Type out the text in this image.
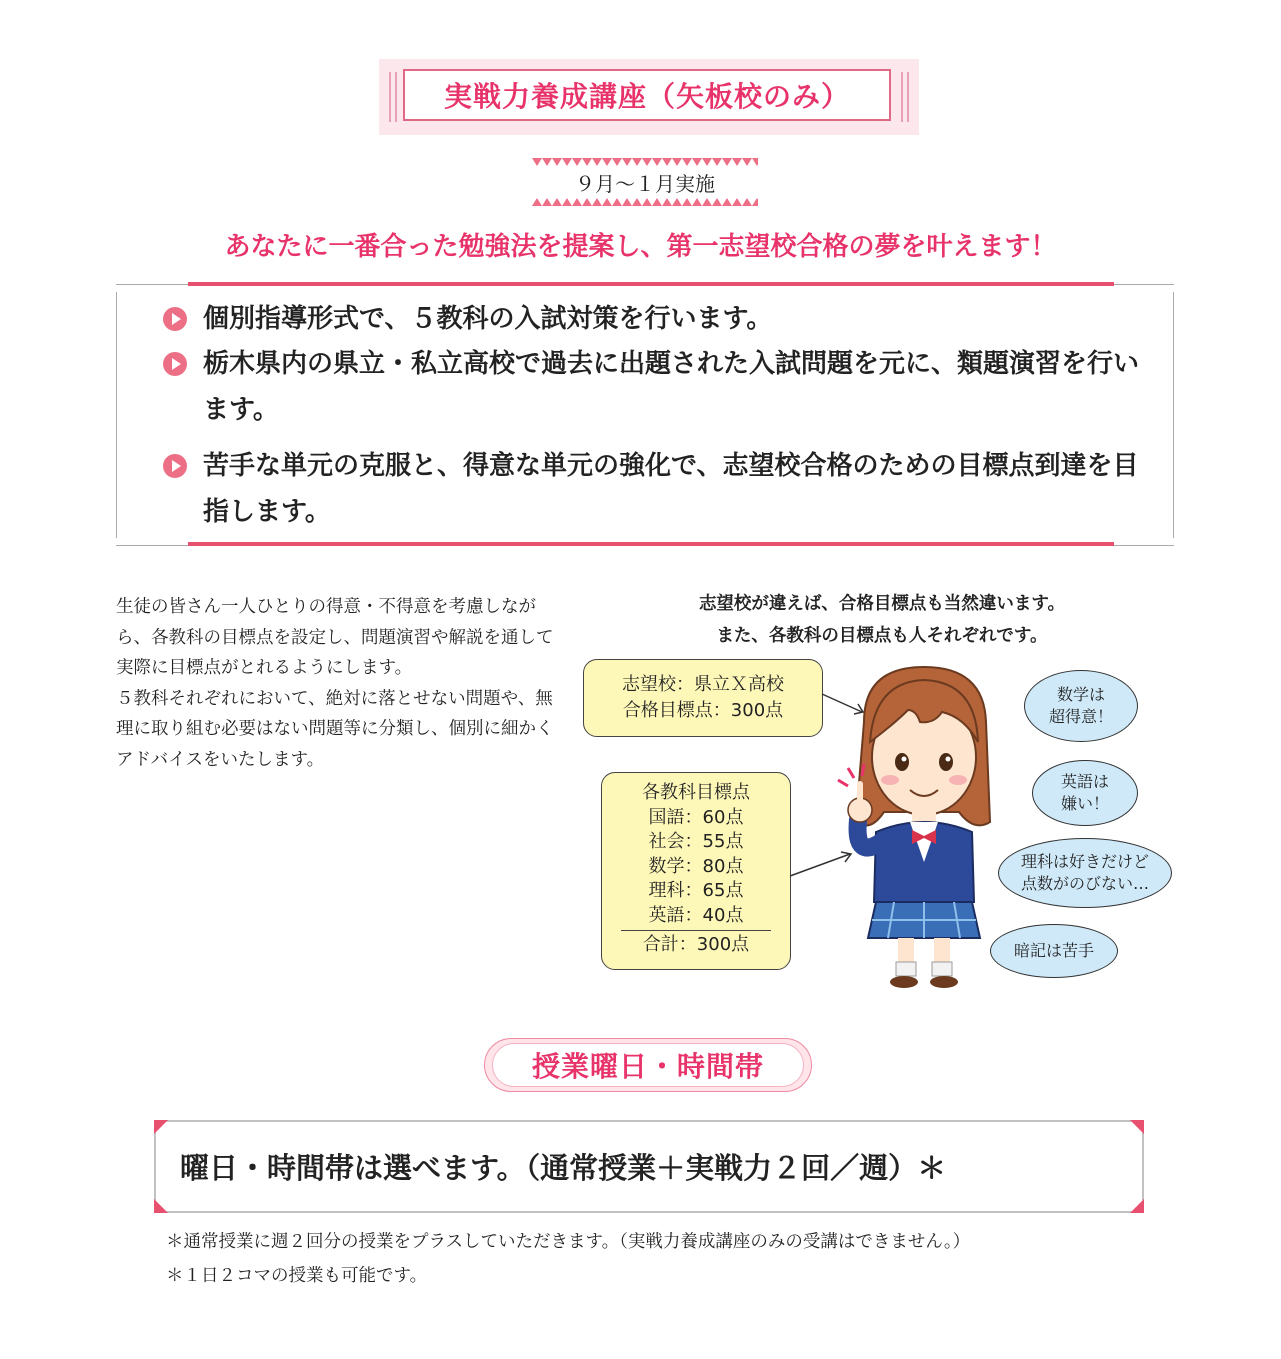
実戦力養成講座（矢板校のみ）
９月～１月実施
あなたに一番合った勉強法を提案し、第一志望校合格の夢を叶えます！
個別指導形式で、５教科の入試対策を行います。
栃木県内の県立・私立高校で過去に出題された入試問題を元に、類題演習を行います。
苦手な単元の克服と、得意な単元の強化で、志望校合格のための目標点到達を目指します。

生徒の皆さん一人ひとりの得意・不得意を考慮しながら、各教科の目標点を設定し、問題演習や解説を通して実際に目標点がとれるようにします。

５教科それぞれにおいて、絶対に落とせない問題や、無理に取り組む必要はない問題等に分類し、個別に細かくアドバイスをいたします。

志望校が違えば、合格目標点も当然違います。
また、各教科の目標点も人それぞれです。
志望校：県立Ｘ高校
合格目標点：300点
各教科目標点
国語：60点
社会：55点
数学：80点
理科：65点
英語：40点
合計：300点
数学は
超得意！
英語は
嫌い！
理科は好きだけど
点数がのびない…
暗記は苦手
授業曜日・時間帯
曜日・時間帯は選べます。（通常授業＋実戦力２回／週）＊
＊通常授業に週２回分の授業をプラスしていただきます。（実戦力養成講座のみの受講はできません。）
＊１日２コマの授業も可能です。
